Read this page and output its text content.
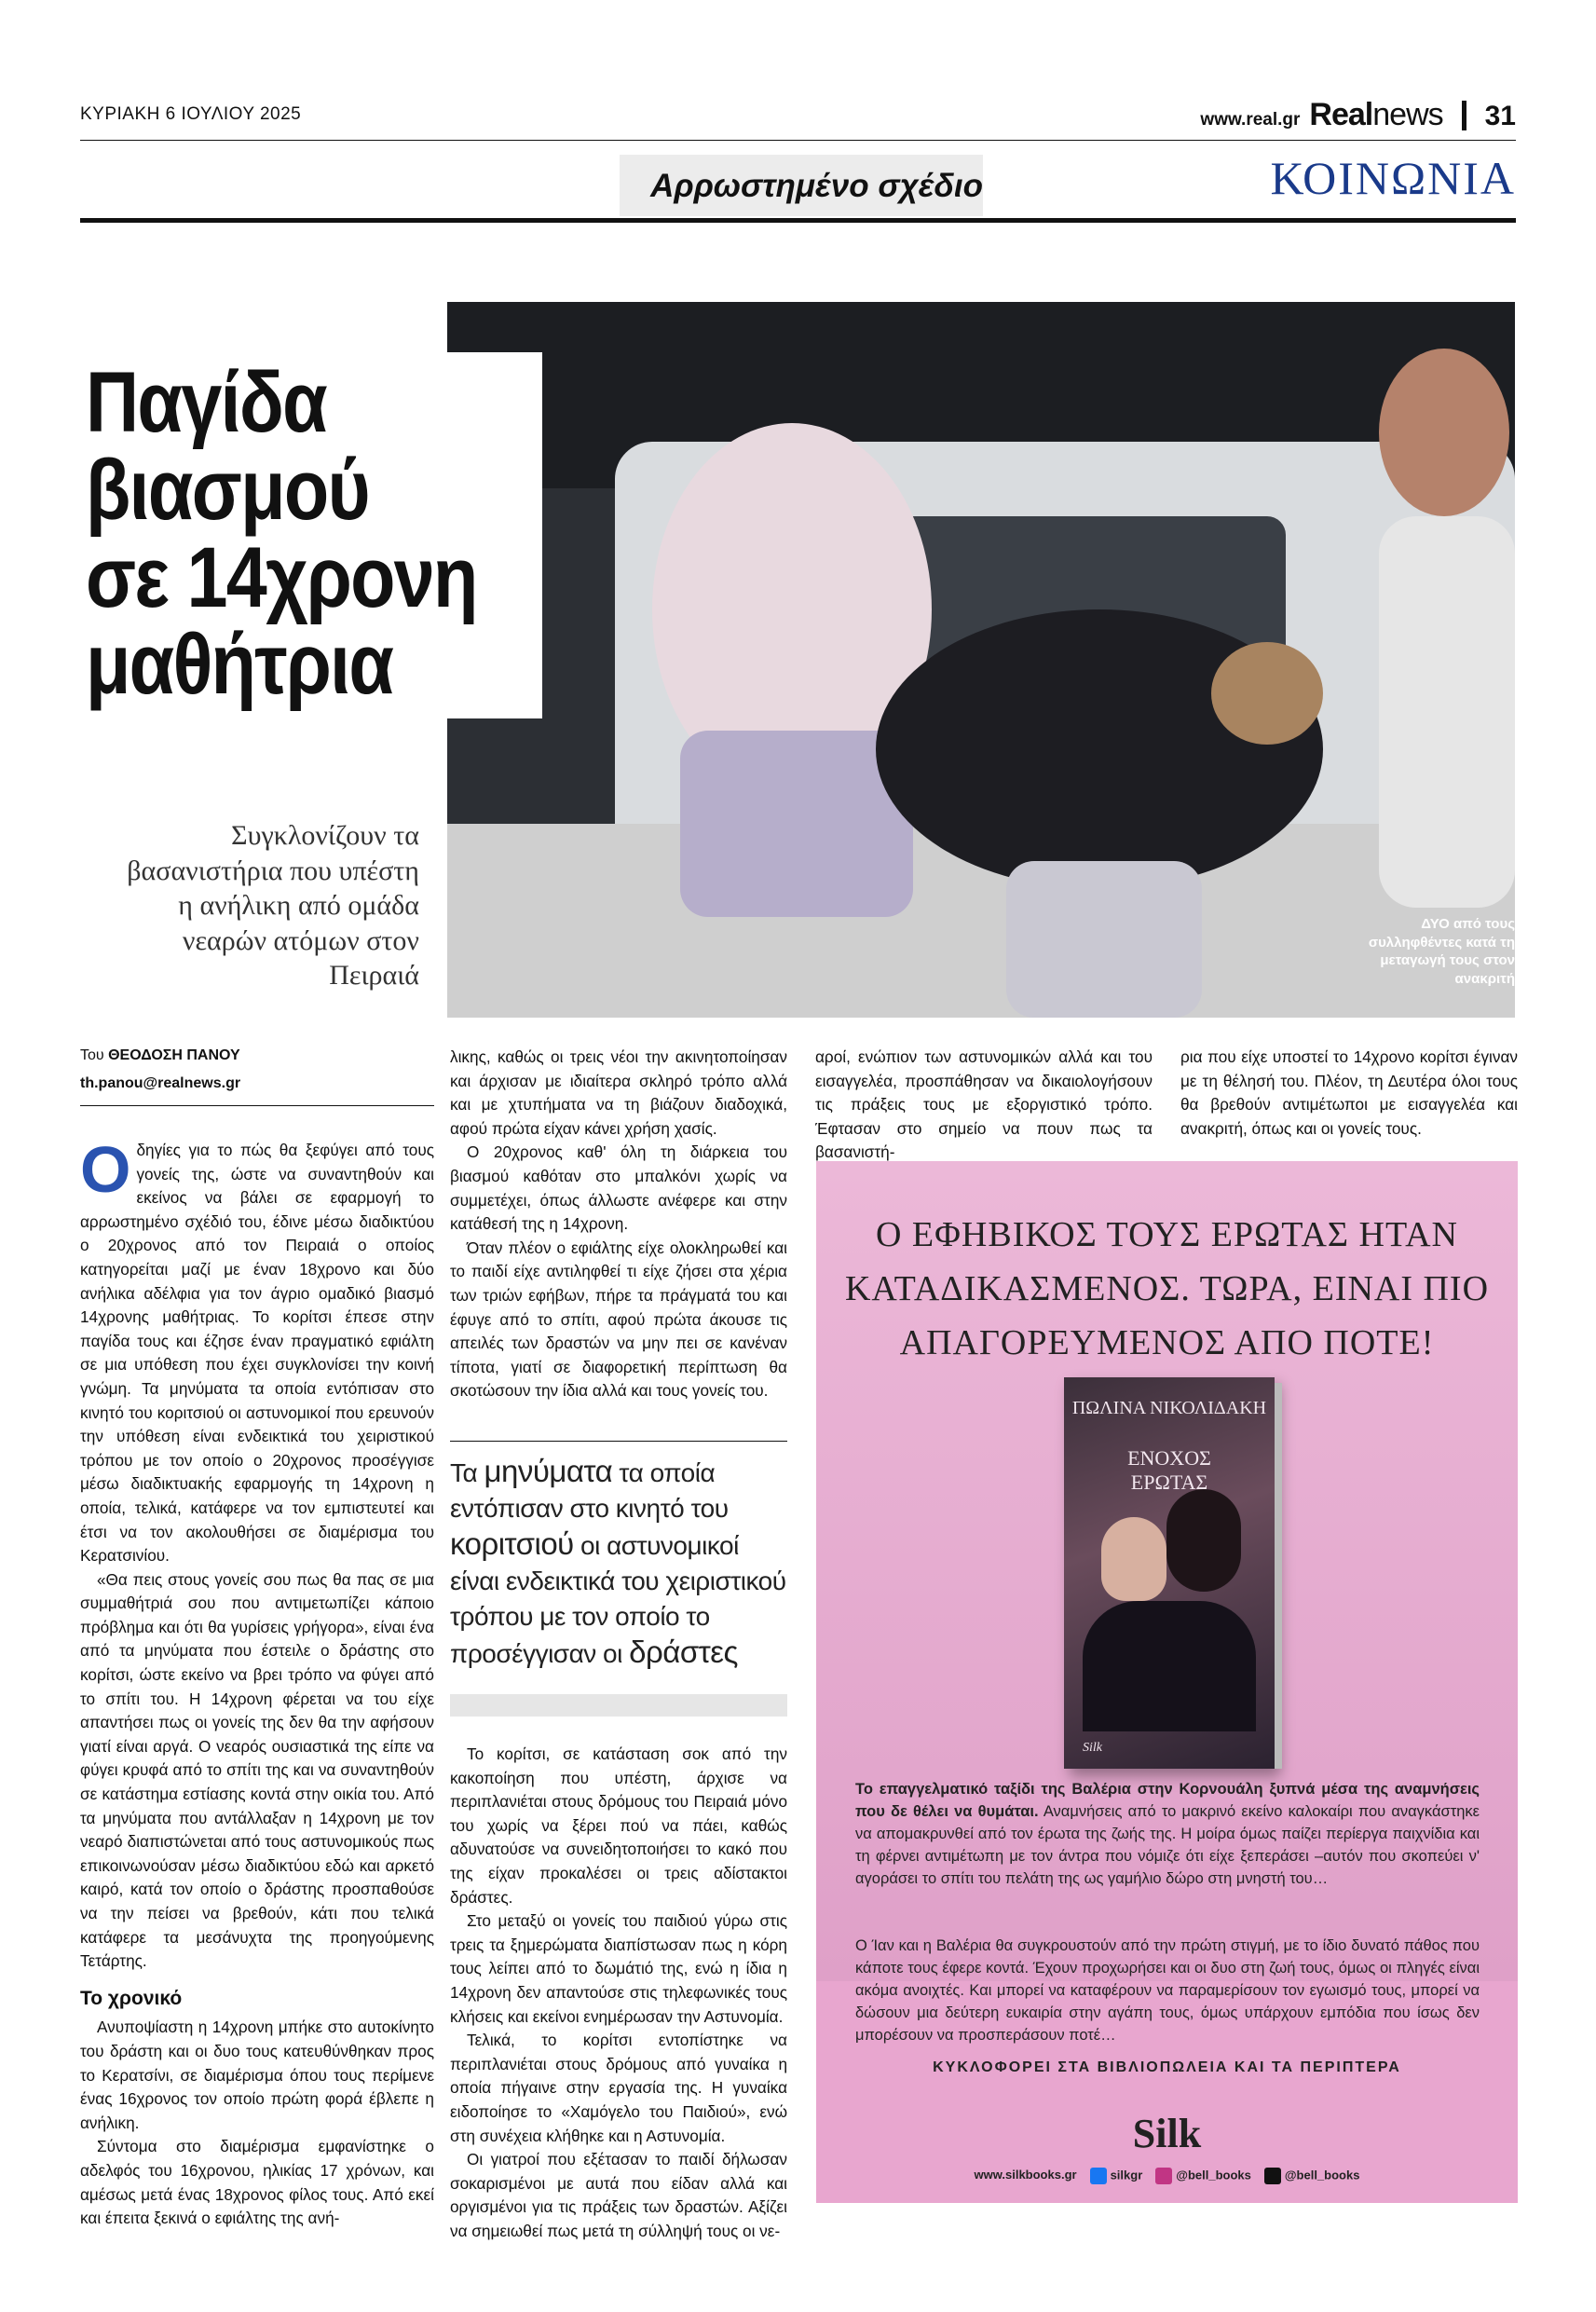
ΚΥΡΙΑΚΗ 6 ΙΟΥΛΙΟΥ 2025	www.real.gr Realnews 31
Αρρωστημένο σχέδιο	ΚΟΙΝΩΝΙΑ
ΔΥΟ από τους συλληφθέντες κατά τη μεταγωγή τους στον ανακριτή
Παγίδα
βιασμού
σε 14χρονη
μαθήτρια
Συγκλονίζουν τα βασανιστήρια που υπέστη η ανήλικη από ομάδα νεαρών ατόμων στον Πειραιά
Του ΘΕΟΔΟΣΗ ΠΑΝΟΥ
th.panou@realnews.gr

Οδηγίες για το πώς θα ξεφύγει από τους γονείς της, ώστε να συναντηθούν και εκείνος να βάλει σε εφαρμογή το αρρωστημένο σχέδιό του, έδινε μέσω διαδικτύου ο 20χρονος από τον Πειραιά ο οποίος κατηγορείται μαζί με έναν 18χρονο και δύο ανήλικα αδέλφια για τον άγριο ομαδικό βιασμό 14χρονης μαθήτριας. Το κορίτσι έπεσε στην παγίδα τους και έζησε έναν πραγματικό εφιάλτη σε μια υπόθεση που έχει συγκλονίσει την κοινή γνώμη. Τα μηνύματα τα οποία εντόπισαν στο κινητό του κοριτσιού οι αστυνομικοί που ερευνούν την υπόθεση είναι ενδεικτικά του χειριστικού τρόπου με τον οποίο ο 20χρονος προσέγγισε μέσω διαδικτυακής εφαρμογής τη 14χρονη η οποία, τελικά, κατάφερε να τον εμπιστευτεί και έτσι να τον ακολουθήσει σε διαμέρισμα του Κερατσινίου.

«Θα πεις στους γονείς σου πως θα πας σε μια συμμαθήτριά σου που αντιμετωπίζει κάποιο πρόβλημα και ότι θα γυρίσεις γρήγορα», είναι ένα από τα μηνύματα που έστειλε ο δράστης στο κορίτσι, ώστε εκείνο να βρει τρόπο να φύγει από το σπίτι του. Η 14χρονη φέρεται να του είχε απαντήσει πως οι γονείς της δεν θα την αφήσουν γιατί είναι αργά. Ο νεαρός ουσιαστικά της είπε να φύγει κρυφά από το σπίτι της και να συναντηθούν σε κατάστημα εστίασης κοντά στην οικία του. Από τα μηνύματα που αντάλλαξαν η 14χρονη με τον νεαρό διαπιστώνεται από τους αστυνομικούς πως επικοινωνούσαν μέσω διαδικτύου εδώ και αρκετό καιρό, κατά τον οποίο ο δράστης προσπαθούσε να την πείσει να βρεθούν, κάτι που τελικά κατάφερε τα μεσάνυχτα της προηγούμενης Τετάρτης.

Το χρονικό

Ανυποψίαστη η 14χρονη μπήκε στο αυτοκίνητο του δράστη και οι δυο τους κατευθύνθηκαν προς το Κερατσίνι, σε διαμέρισμα όπου τους περίμενε ένας 16χρονος τον οποίο πρώτη φορά έβλεπε η ανήλικη.

Σύντομα στο διαμέρισμα εμφανίστηκε ο αδελφός του 16χρονου, ηλικίας 17 χρόνων, και αμέσως μετά ένας 18χρονος φίλος τους. Από εκεί και έπειτα ξεκινά ο εφιάλτης της ανή-

λικης, καθώς οι τρεις νέοι την ακινητοποίησαν και άρχισαν με ιδιαίτερα σκληρό τρόπο αλλά και με χτυπήματα να τη βιάζουν διαδοχικά, αφού πρώτα είχαν κάνει χρήση χασίς.

Ο 20χρονος καθ' όλη τη διάρκεια του βιασμού καθόταν στο μπαλκόνι χωρίς να συμμετέχει, όπως άλλωστε ανέφερε και στην κατάθεσή της η 14χρονη.

Όταν πλέον ο εφιάλτης είχε ολοκληρωθεί και το παιδί είχε αντιληφθεί τι είχε ζήσει στα χέρια των τριών εφήβων, πήρε τα πράγματά του και έφυγε από το σπίτι, αφού πρώτα άκουσε τις απειλές των δραστών να μην πει σε κανέναν τίποτα, γιατί σε διαφορετική περίπτωση θα σκοτώσουν την ίδια αλλά και τους γονείς του.

Τα μηνύματα τα οποία εντόπισαν στο κινητό του κοριτσιού οι αστυνομικοί είναι ενδεικτικά του χειριστικού τρόπου με τον οποίο το προσέγγισαν οι δράστες

Το κορίτσι, σε κατάσταση σοκ από την κακοποίηση που υπέστη, άρχισε να περιπλανιέται στους δρόμους του Πειραιά μόνο του χωρίς να ξέρει πού να πάει, καθώς αδυνατούσε να συνειδητοποιήσει το κακό που της είχαν προκαλέσει οι τρεις αδίστακτοι δράστες.

Στο μεταξύ οι γονείς του παιδιού γύρω στις τρεις τα ξημερώματα διαπίστωσαν πως η κόρη τους λείπει από το δωμάτιό της, ενώ η ίδια η 14χρονη δεν απαντούσε στις τηλεφωνικές τους κλήσεις και εκείνοι ενημέρωσαν την Αστυνομία.

Τελικά, το κορίτσι εντοπίστηκε να περιπλανιέται στους δρόμους από γυναίκα η οποία πήγαινε στην εργασία της. Η γυναίκα ειδοποίησε το «Χαμόγελο του Παιδιού», ενώ στη συνέχεια κλήθηκε και η Αστυνομία.

Οι γιατροί που εξέτασαν το παιδί δήλωσαν σοκαρισμένοι με αυτά που είδαν αλλά και οργισμένοι για τις πράξεις των δραστών. Αξίζει να σημειωθεί πως μετά τη σύλληψή τους οι νε-

αροί, ενώπιον των αστυνομικών αλλά και του εισαγγελέα, προσπάθησαν να δικαιολογήσουν τις πράξεις τους με εξοργιστικό τρόπο. Έφτασαν στο σημείο να πουν πως τα βασανιστή-

ρια που είχε υποστεί το 14χρονο κορίτσι έγιναν με τη θέλησή του. Πλέον, τη Δευτέρα όλοι τους θα βρεθούν αντιμέτωποι με εισαγγελέα και ανακριτή, όπως και οι γονείς τους.

Ο ΕΦΗΒΙΚΟΣ ΤΟΥΣ ΕΡΩΤΑΣ ΗΤΑΝ
ΚΑΤΑΔΙΚΑΣΜΕΝΟΣ. ΤΩΡΑ, ΕΙΝΑΙ ΠΙΟ
ΑΠΑΓΟΡΕΥΜΕΝΟΣ ΑΠΟ ΠΟΤΕ!
ΠΩΛΙΝΑ ΝΙΚΟΛΙΔΑΚΗ
ΕΝΟΧΟΣ
ΕΡΩΤΑΣ
Silk
Το επαγγελματικό ταξίδι της Βαλέρια στην Κορνουάλη ξυπνά μέσα της αναμνήσεις που δε θέλει να θυμάται. Αναμνήσεις από το μακρινό εκείνο καλοκαίρι που αναγκάστηκε να απομακρυνθεί από τον έρωτα της ζωής της. Η μοίρα όμως παίζει περίεργα παιχνίδια και τη φέρνει αντιμέτωπη με τον άντρα που νόμιζε ότι είχε ξεπεράσει –αυτόν που σκοπεύει ν' αγοράσει το σπίτι του πελάτη της ως γαμήλιο δώρο στη μνηστή του…
Ο Ίαν και η Βαλέρια θα συγκρουστούν από την πρώτη στιγμή, με το ίδιο δυνατό πάθος που κάποτε τους έφερε κοντά. Έχουν προχωρήσει και οι δυο στη ζωή τους, όμως οι πληγές είναι ακόμα ανοιχτές. Και μπορεί να καταφέρουν να παραμερίσουν τον εγωισμό τους, μπορεί να δώσουν μια δεύτερη ευκαιρία στην αγάπη τους, όμως υπάρχουν εμπόδια που ίσως δεν μπορέσουν να προσπεράσουν ποτέ…
ΚΥΚΛΟΦΟΡΕΙ ΣΤΑ ΒΙΒΛΙΟΠΩΛΕΙΑ ΚΑΙ ΤΑ ΠΕΡΙΠΤΕΡΑ
Silk
www.silkbooks.gr	silkgr	@bell_books	@bell_books
